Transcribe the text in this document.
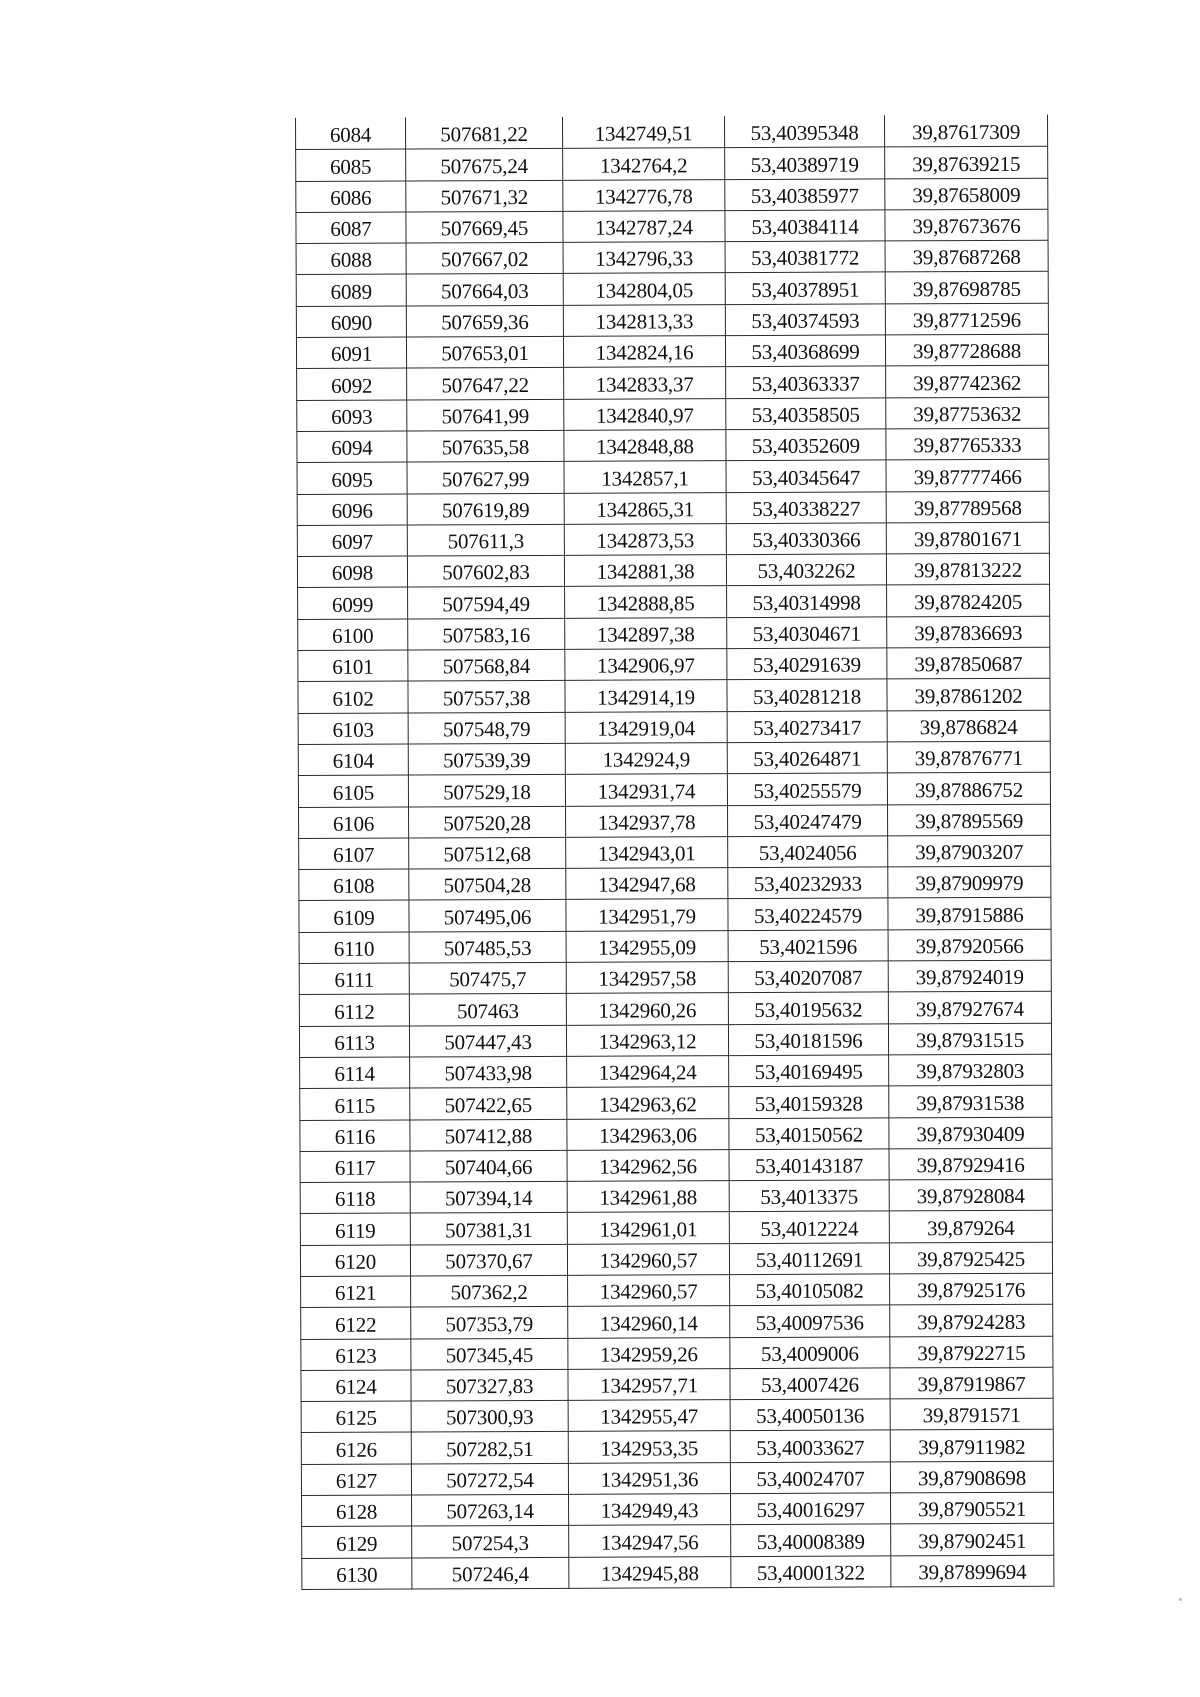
6084	507681,22	1342749,51	53,40395348	39,87617309
6085	507675,24	1342764,2	53,40389719	39,87639215
6086	507671,32	1342776,78	53,40385977	39,87658009
6087	507669,45	1342787,24	53,40384114	39,87673676
6088	507667,02	1342796,33	53,40381772	39,87687268
6089	507664,03	1342804,05	53,40378951	39,87698785
6090	507659,36	1342813,33	53,40374593	39,87712596
6091	507653,01	1342824,16	53,40368699	39,87728688
6092	507647,22	1342833,37	53,40363337	39,87742362
6093	507641,99	1342840,97	53,40358505	39,87753632
6094	507635,58	1342848,88	53,40352609	39,87765333
6095	507627,99	1342857,1	53,40345647	39,87777466
6096	507619,89	1342865,31	53,40338227	39,87789568
6097	507611,3	1342873,53	53,40330366	39,87801671
6098	507602,83	1342881,38	53,4032262	39,87813222
6099	507594,49	1342888,85	53,40314998	39,87824205
6100	507583,16	1342897,38	53,40304671	39,87836693
6101	507568,84	1342906,97	53,40291639	39,87850687
6102	507557,38	1342914,19	53,40281218	39,87861202
6103	507548,79	1342919,04	53,40273417	39,8786824
6104	507539,39	1342924,9	53,40264871	39,87876771
6105	507529,18	1342931,74	53,40255579	39,87886752
6106	507520,28	1342937,78	53,40247479	39,87895569
6107	507512,68	1342943,01	53,4024056	39,87903207
6108	507504,28	1342947,68	53,40232933	39,87909979
6109	507495,06	1342951,79	53,40224579	39,87915886
6110	507485,53	1342955,09	53,4021596	39,87920566
6111	507475,7	1342957,58	53,40207087	39,87924019
6112	507463	1342960,26	53,40195632	39,87927674
6113	507447,43	1342963,12	53,40181596	39,87931515
6114	507433,98	1342964,24	53,40169495	39,87932803
6115	507422,65	1342963,62	53,40159328	39,87931538
6116	507412,88	1342963,06	53,40150562	39,87930409
6117	507404,66	1342962,56	53,40143187	39,87929416
6118	507394,14	1342961,88	53,4013375	39,87928084
6119	507381,31	1342961,01	53,4012224	39,879264
6120	507370,67	1342960,57	53,40112691	39,87925425
6121	507362,2	1342960,57	53,40105082	39,87925176
6122	507353,79	1342960,14	53,40097536	39,87924283
6123	507345,45	1342959,26	53,4009006	39,87922715
6124	507327,83	1342957,71	53,4007426	39,87919867
6125	507300,93	1342955,47	53,40050136	39,8791571
6126	507282,51	1342953,35	53,40033627	39,87911982
6127	507272,54	1342951,36	53,40024707	39,87908698
6128	507263,14	1342949,43	53,40016297	39,87905521
6129	507254,3	1342947,56	53,40008389	39,87902451
6130	507246,4	1342945,88	53,40001322	39,87899694
